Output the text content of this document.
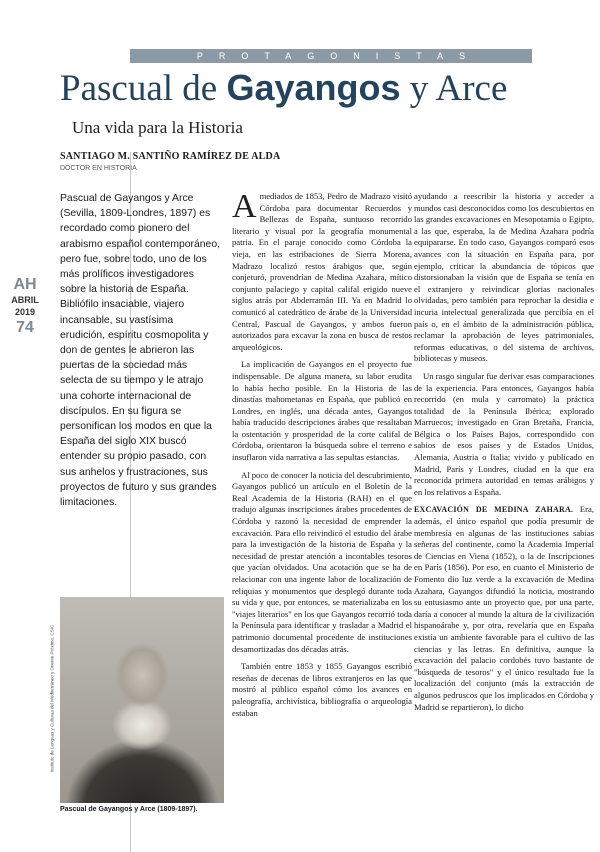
PROTAGONISTAS
Pascual de Gayangos y Arce
Una vida para la Historia
SANTIAGO M. SANTIÑO RAMÍREZ DE ALDA
DOCTOR EN HISTORIA
Pascual de Gayangos y Arce (Sevilla, 1809-Londres, 1897) es recordado como pionero del arabismo español contemporáneo, pero fue, sobre todo, uno de los más prolíficos investigadores sobre la historia de España. Bibliófilo insaciable, viajero incansable, su vastísima erudición, espíritu cosmopolita y don de gentes le abrieron las puertas de la sociedad más selecta de su tiempo y le atrajo una cohorte internacional de discípulos. En su figura se personifican los modos en que la España del siglo XIX buscó entender su propio pasado, con sus anhelos y frustraciones, sus proyectos de futuro y sus grandes limitaciones.
AH
ABRIL
2019
74
Instituto de Lenguas y Culturas del Mediterráneo y Oriente Próximo, CSIC
Pascual de Gayangos y Arce (1809-1897).

Amediados de 1853, Pedro de Madrazo visitó Córdoba para documentar Recuerdos y Bellezas de España, suntuoso recorrido literario y visual por la geografía monumental patria. En el paraje conocido como Córdoba la vieja, en las estribaciones de Sierra Morena, Madrazo localizó restos árabigos que, según conjeturó, provendrían de Medina Azahara, mítico conjunto palaciego y capital califal erigido nueve siglos atrás por Abderramán III. Ya en Madrid lo comunicó al catedrático de árabe de la Universidad Central, Pascual de Gayangos, y ambos fueron autorizados para excavar la zona en busca de restos arqueológicos.

La implicación de Gayangos en el proyecto fue indispensable. De alguna manera, su labor erudita lo había hecho posible. En la Historia de las dinastías mahometanas en España, que publicó en Londres, en inglés, una década antes, Gayangos había traducido descripciones árabes que resaltaban la ostentación y prosperidad de la corte califal de Córdoba, orientaron la búsqueda sobre el terreno e insuflaron vida narrativa a las sepultas estancias.

Al poco de conocer la noticia del descubrimiento, Gayangos publicó un artículo en el Boletín de la Real Academia de la Historia (RAH) en el que tradujo algunas inscripciones árabes procedentes de Córdoba y razonó la necesidad de emprender la excavación. Para ello reivindicó el estudio del árabe para la investigación de la historia de España y la necesidad de prestar atención a incontables tesoros que yacían olvidados. Una acotación que se ha de relacionar con una ingente labor de localización de reliquias y monumentos que desplegó durante toda su vida y que, por entonces, se materializaba en los "viajes literarios" en los que Gayangos recorrió toda la Península para identificar y trasladar a Madrid el patrimonio documental procedente de instituciones desamortizadas dos décadas atrás.

También entre 1853 y 1855 Gayangos escribió reseñas de decenas de libros extranjeros en las que mostró al público español cómo los avances en paleografía, archivística, bibliografía o arqueología estaban

ayudando a reescribir la historia y acceder a mundos casi desconocidos como los descubiertos en las grandes excavaciones en Mesopotamia o Egipto, a las que, esperaba, la de Medina Azahara podría equipararse. En todo caso, Gayangos comparó esos avances con la situación en España para, por ejemplo, criticar la abundancia de tópicos que distorsionaban la visión que de España se tenía en el extranjero y reivindicar glorias nacionales olvidadas, pero también para reprochar la desidia e incuria intelectual generalizada que percibía en el país o, en el ámbito de la administración pública, reclamar la aprobación de leyes patrimoniales, reformas educativas, o del sistema de archivos, bibliotecas y museos.

Un rasgo singular fue derivar esas comparaciones de la experiencia. Para entonces, Gayangos había recorrido (en mula y carromato) la práctica totalidad de la Península Ibérica; explorado Marruecos; investigado en Gran Bretaña, Francia, Bélgica o los Países Bajos, correspondido con sabios de esos países y de Estados Unidos, Alemania, Austria o Italia; vivido y publicado en Madrid, París y Londres, ciudad en la que era reconocida primera autoridad en temas arábigos y en los relativos a España.

EXCAVACIÓN DE MEDINA ZAHARA. Era, además, el único español que podía presumir de membresía en algunas de las instituciones sabias señeras del continente, como la Academia Imperial de Ciencias en Viena (1852), o la de Inscripciones en París (1856). Por eso, en cuanto el Ministerio de Fomento dio luz verde a la excavación de Medina Azahara, Gayangos difundió la noticia, mostrando su entusiasmo ante un proyecto que, por una parte, daría a conocer al mundo la altura de la civilización hispanoárabe y, por otra, revelaría que en España existía un ambiente favorable para el cultivo de las ciencias y las letras. En definitiva, aunque la excavación del palacio cordobés tuvo bastante de "búsqueda de tesoros" y el único resultado fue la localización del conjunto (más la extracción de algunos pedruscos que los implicados en Córdoba y Madrid se repartieron), lo dicho
